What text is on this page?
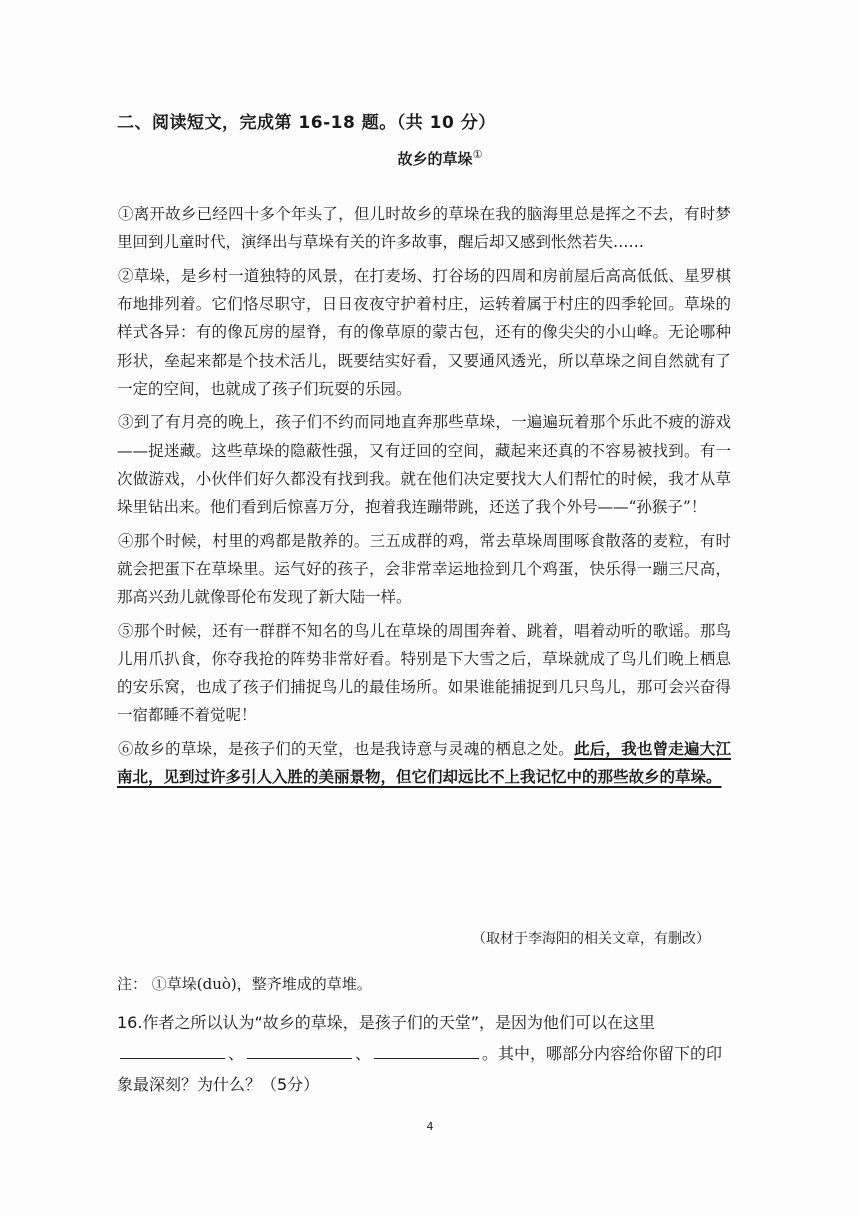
二、阅读短文，完成第 16-18 题。（共 10 分）
故乡的草垛①

①离开故乡已经四十多个年头了，但儿时故乡的草垛在我的脑海里总是挥之不去，有时梦里回到儿童时代，演绎出与草垛有关的许多故事，醒后却又感到怅然若失……

②草垛，是乡村一道独特的风景，在打麦场、打谷场的四周和房前屋后高高低低、星罗棋布地排列着。它们恪尽职守，日日夜夜守护着村庄，运转着属于村庄的四季轮回。草垛的样式各异：有的像瓦房的屋脊，有的像草原的蒙古包，还有的像尖尖的小山峰。无论哪种形状，垒起来都是个技术活儿，既要结实好看，又要通风透光，所以草垛之间自然就有了一定的空间，也就成了孩子们玩耍的乐园。

③到了有月亮的晚上，孩子们不约而同地直奔那些草垛，一遍遍玩着那个乐此不疲的游戏——捉迷藏。这些草垛的隐蔽性强，又有迂回的空间，藏起来还真的不容易被找到。有一次做游戏，小伙伴们好久都没有找到我。就在他们决定要找大人们帮忙的时候，我才从草垛里钻出来。他们看到后惊喜万分，抱着我连蹦带跳，还送了我个外号——“孙猴子”！

④那个时候，村里的鸡都是散养的。三五成群的鸡，常去草垛周围啄食散落的麦粒，有时就会把蛋下在草垛里。运气好的孩子，会非常幸运地捡到几个鸡蛋，快乐得一蹦三尺高，那高兴劲儿就像哥伦布发现了新大陆一样。

⑤那个时候，还有一群群不知名的鸟儿在草垛的周围奔着、跳着，唱着动听的歌谣。那鸟儿用爪扒食，你夺我抢的阵势非常好看。特别是下大雪之后，草垛就成了鸟儿们晚上栖息的安乐窝，也成了孩子们捕捉鸟儿的最佳场所。如果谁能捕捉到几只鸟儿，那可会兴奋得一宿都睡不着觉呢！

⑥故乡的草垛，是孩子们的天堂，也是我诗意与灵魂的栖息之处。此后，我也曾走遍大江南北，见到过许多引人入胜的美丽景物，但它们却远比不上我记忆中的那些故乡的草垛。

（取材于李海阳的相关文章，有删改）
注： ①草垛(duò)，整齐堆成的草堆。
16.作者之所以认为“故乡的草垛，是孩子们的天堂”，是因为他们可以在这里、	、	。其中，哪部分内容给你留下的印象最深刻？为什么？（5分）
4
